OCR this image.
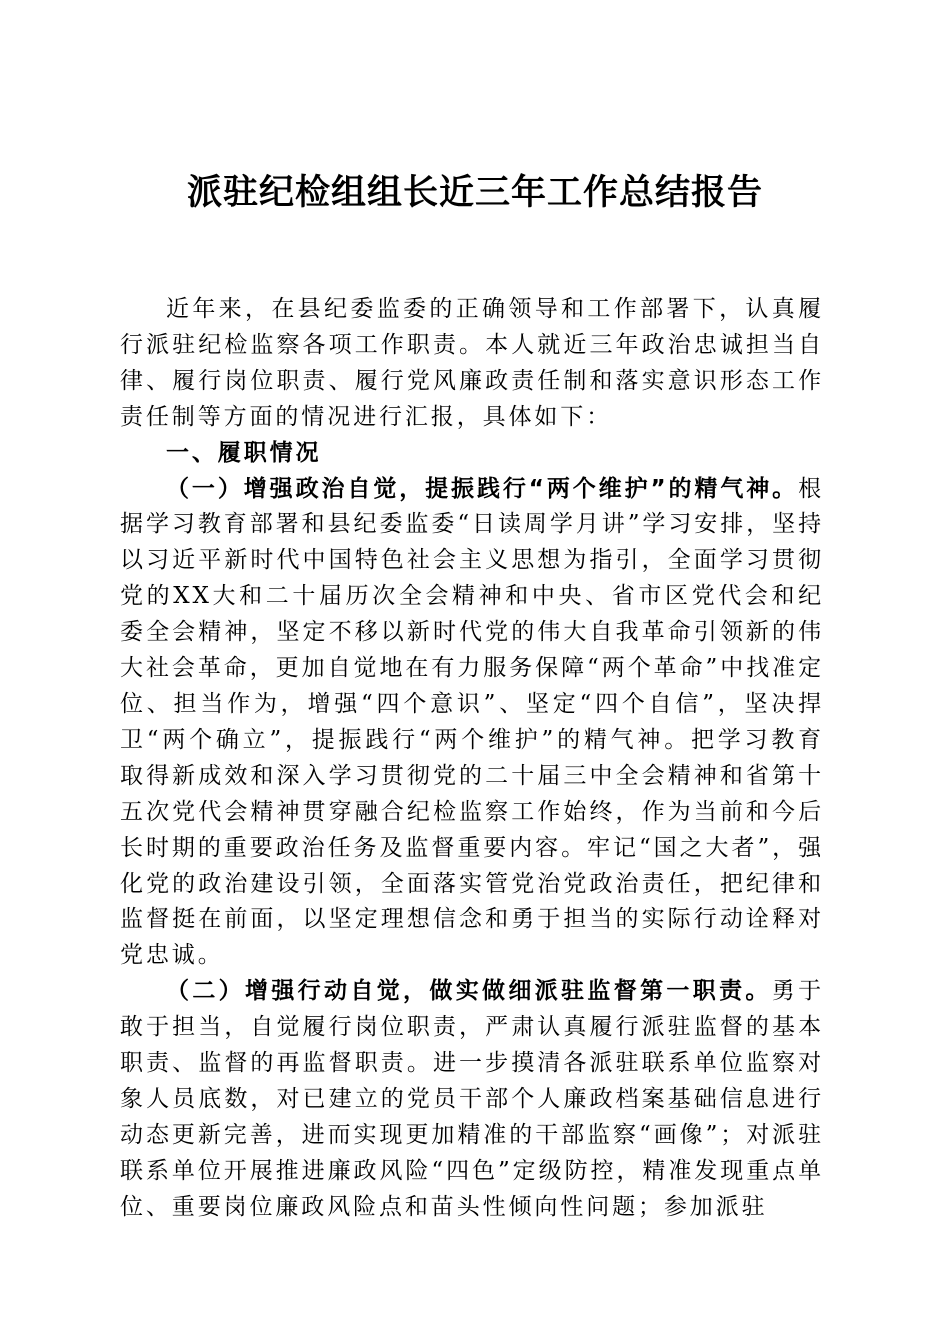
派驻纪检组组长近三年工作总结报告

近年来，在县纪委监委的正确领导和工作部署下，认真履行派驻纪检监察各项工作职责。本人就近三年政治忠诚担当自律、履行岗位职责、履行党风廉政责任制和落实意识形态工作责任制等方面的情况进行汇报，具体如下：

一、履职情况

（一）增强政治自觉，提振践行“两个维护”的精气神。根据学习教育部署和县纪委监委“日读周学月讲”学习安排，坚持以习近平新时代中国特色社会主义思想为指引，全面学习贯彻党的XX大和二十届历次全会精神和中央、省市区党代会和纪委全会精神，坚定不移以新时代党的伟大自我革命引领新的伟大社会革命，更加自觉地在有力服务保障“两个革命”中找准定位、担当作为，增强“四个意识”、坚定“四个自信”，坚决捍卫“两个确立”，提振践行“两个维护”的精气神。把学习教育取得新成效和深入学习贯彻党的二十届三中全会精神和省第十五次党代会精神贯穿融合纪检监察工作始终，作为当前和今后长时期的重要政治任务及监督重要内容。牢记“国之大者”，强化党的政治建设引领，全面落实管党治党政治责任，把纪律和监督挺在前面，以坚定理想信念和勇于担当的实际行动诠释对党忠诚。

（二）增强行动自觉，做实做细派驻监督第一职责。勇于敢于担当，自觉履行岗位职责，严肃认真履行派驻监督的基本职责、监督的再监督职责。进一步摸清各派驻联系单位监察对象人员底数，对已建立的党员干部个人廉政档案基础信息进行动态更新完善，进而实现更加精准的干部监察“画像”；对派驻联系单位开展推进廉政风险“四色”定级防控，精准发现重点单位、重要岗位廉政风险点和苗头性倾向性问题；参加派驻
